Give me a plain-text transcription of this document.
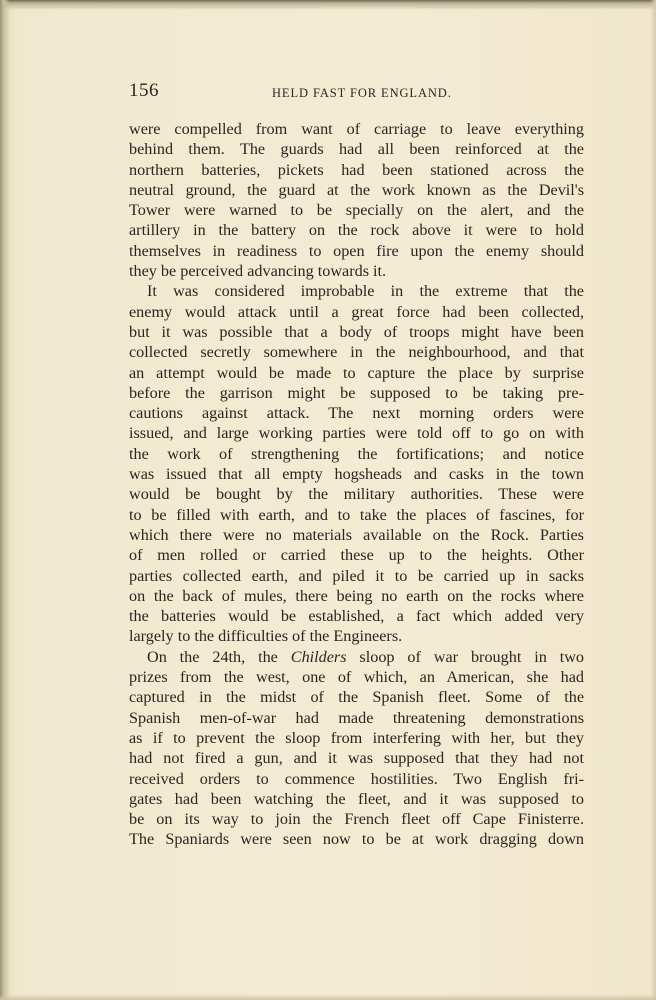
156	HELD FAST FOR ENGLAND.
were compelled from want of carriage to leave everything
behind them. The guards had all been reinforced at the
northern batteries, pickets had been stationed across the
neutral ground, the guard at the work known as the Devil's
Tower were warned to be specially on the alert, and the
artillery in the battery on the rock above it were to hold
themselves in readiness to open fire upon the enemy should
they be perceived advancing towards it.
It was considered improbable in the extreme that the
enemy would attack until a great force had been collected,
but it was possible that a body of troops might have been
collected secretly somewhere in the neighbourhood, and that
an attempt would be made to capture the place by surprise
before the garrison might be supposed to be taking pre-
cautions against attack. The next morning orders were
issued, and large working parties were told off to go on with
the work of strengthening the fortifications; and notice
was issued that all empty hogsheads and casks in the town
would be bought by the military authorities. These were
to be filled with earth, and to take the places of fascines, for
which there were no materials available on the Rock. Parties
of men rolled or carried these up to the heights. Other
parties collected earth, and piled it to be carried up in sacks
on the back of mules, there being no earth on the rocks where
the batteries would be established, a fact which added very
largely to the difficulties of the Engineers.
On the 24th, the Childers sloop of war brought in two
prizes from the west, one of which, an American, she had
captured in the midst of the Spanish fleet. Some of the
Spanish men-of-war had made threatening demonstrations
as if to prevent the sloop from interfering with her, but they
had not fired a gun, and it was supposed that they had not
received orders to commence hostilities. Two English fri-
gates had been watching the fleet, and it was supposed to
be on its way to join the French fleet off Cape Finisterre.
The Spaniards were seen now to be at work dragging down
